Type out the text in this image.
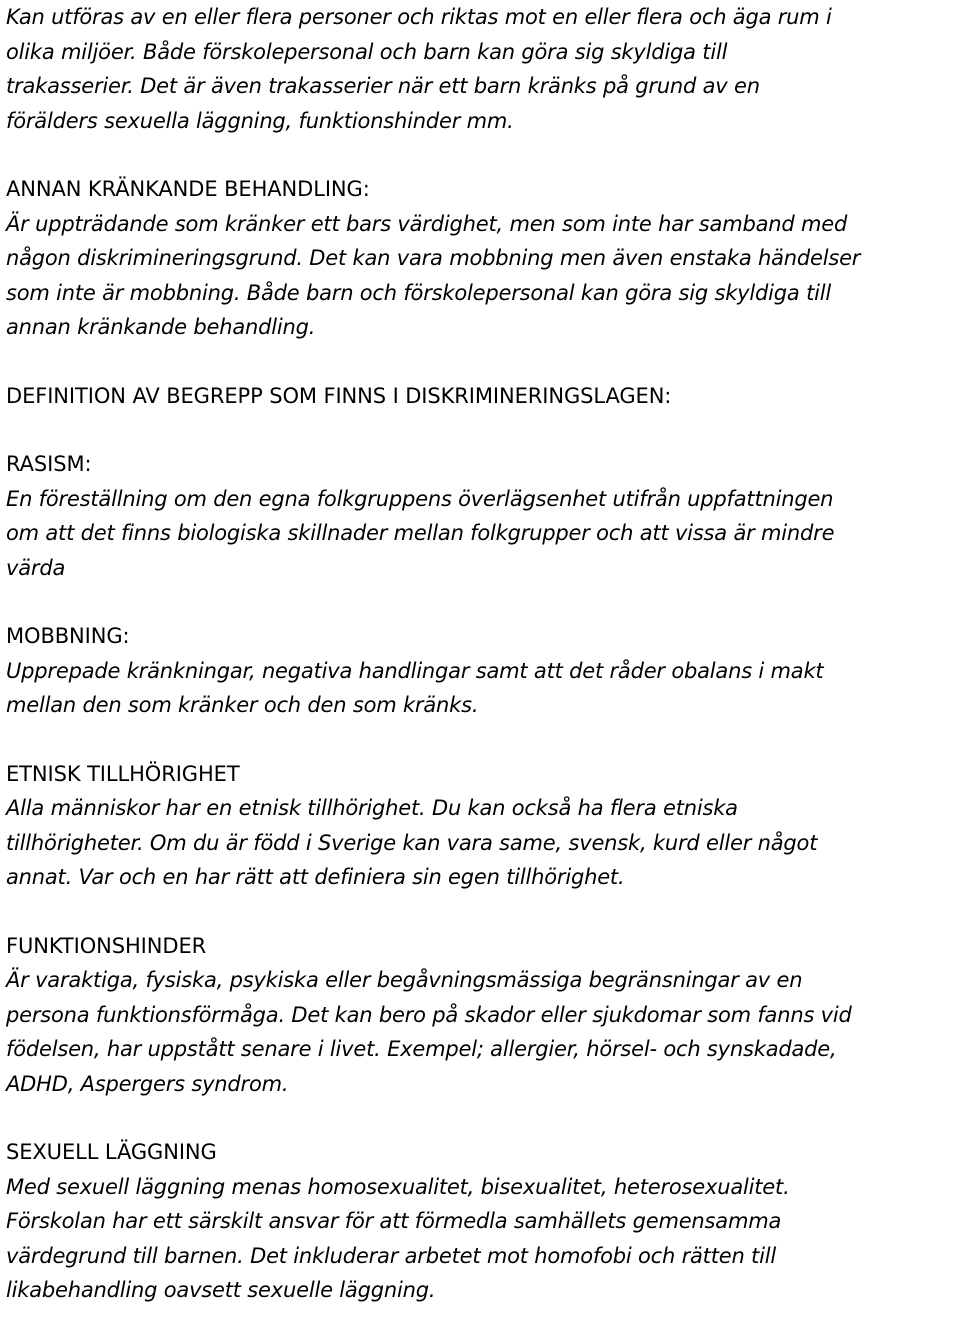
Kan utföras av en eller flera personer och riktas mot en eller flera och äga rum i
olika miljöer. Både förskolepersonal och barn kan göra sig skyldiga till
trakasserier. Det är även trakasserier när ett barn kränks på grund av en
förälders sexuella läggning, funktionshinder mm.

ANNAN KRÄNKANDE BEHANDLING:

Är uppträdande som kränker ett bars värdighet, men som inte har samband med
någon diskrimineringsgrund. Det kan vara mobbning men även enstaka händelser
som inte är mobbning. Både barn och förskolepersonal kan göra sig skyldiga till
annan kränkande behandling.

DEFINITION AV BEGREPP SOM FINNS I DISKRIMINERINGSLAGEN:

RASISM:

En föreställning om den egna folkgruppens överlägsenhet utifrån uppfattningen
om att det finns biologiska skillnader mellan folkgrupper och att vissa är mindre
värda

MOBBNING:

Upprepade kränkningar, negativa handlingar samt att det råder obalans i makt
mellan den som kränker och den som kränks.

ETNISK TILLHÖRIGHET

Alla människor har en etnisk tillhörighet. Du kan också ha flera etniska
tillhörigheter. Om du är född i Sverige kan vara same, svensk, kurd eller något
annat. Var och en har rätt att definiera sin egen tillhörighet.

FUNKTIONSHINDER

Är varaktiga, fysiska, psykiska eller begåvningsmässiga begränsningar av en
persona funktionsförmåga. Det kan bero på skador eller sjukdomar som fanns vid
födelsen, har uppstått senare i livet. Exempel; allergier, hörsel- och synskadade,
ADHD, Aspergers syndrom.

SEXUELL LÄGGNING

Med sexuell läggning menas homosexualitet, bisexualitet, heterosexualitet.
Förskolan har ett särskilt ansvar för att förmedla samhällets gemensamma
värdegrund till barnen. Det inkluderar arbetet mot homofobi och rätten till
likabehandling oavsett sexuelle läggning.
